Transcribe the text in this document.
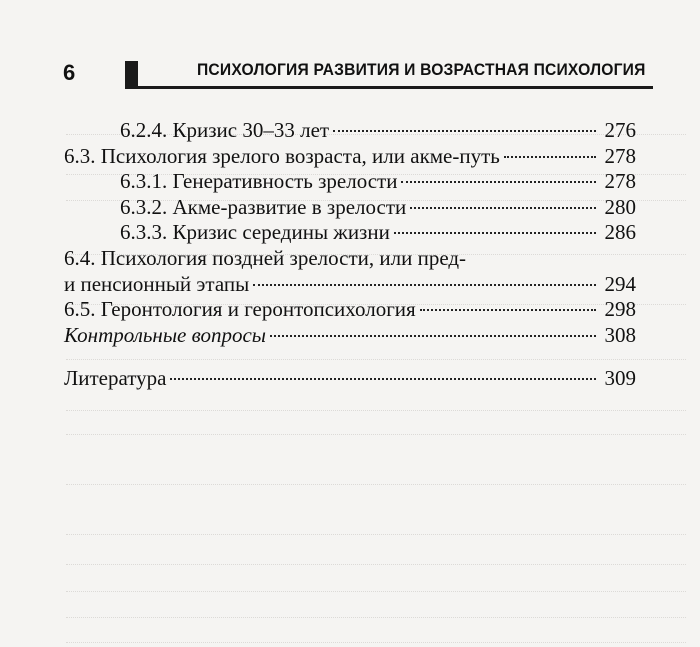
6	ПСИХОЛОГИЯ РАЗВИТИЯ И ВОЗРАСТНАЯ ПСИХОЛОГИЯ
6.2.4. Кризис 30–33 лет	276
6.3. Психология зрелого возраста, или акме-путь	278
6.3.1. Генеративность зрелости	278
6.3.2. Акме-развитие в зрелости	280
6.3.3. Кризис середины жизни	286
6.4. Психология поздней зрелости, или пред-
и пенсионный этапы	294
6.5. Геронтология и геронтопсихология	298
Контрольные вопросы	308
Литература	309
